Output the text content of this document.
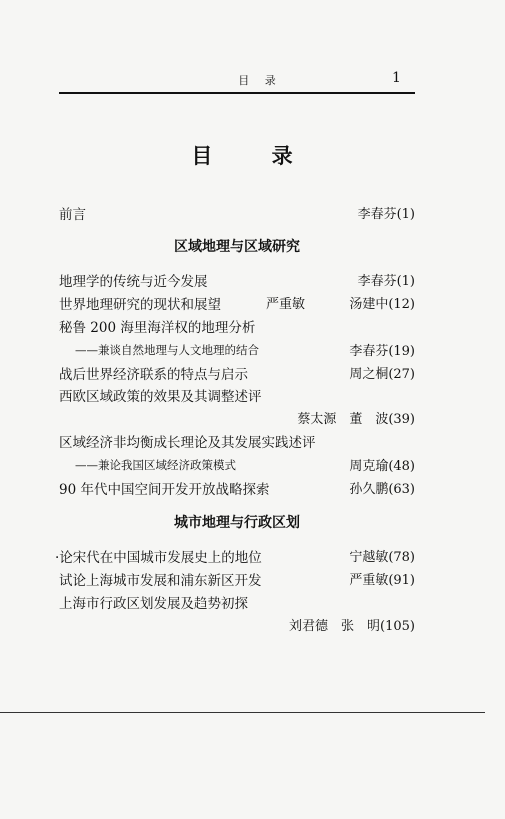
目 录	1
目 录
前言	李春芬(1)
区域地理与区域研究
地理学的传统与近今发展	李春芬(1)
世界地理研究的现状和展望	严重敏	汤建中(12)
秘鲁 200 海里海洋权的地理分析
——兼谈自然地理与人文地理的结合	李春芬(19)
战后世界经济联系的特点与启示	周之桐(27)
西欧区域政策的效果及其调整述评
蔡太源　董　波(39)
区域经济非均衡成长理论及其发展实践述评
——兼论我国区域经济政策模式	周克瑜(48)
90 年代中国空间开发开放战略探索	孙久鹏(63)
城市地理与行政区划
·论宋代在中国城市发展史上的地位	宁越敏(78)
试论上海城市发展和浦东新区开发	严重敏(91)
上海市行政区划发展及趋势初探
刘君德　张　明(105)
